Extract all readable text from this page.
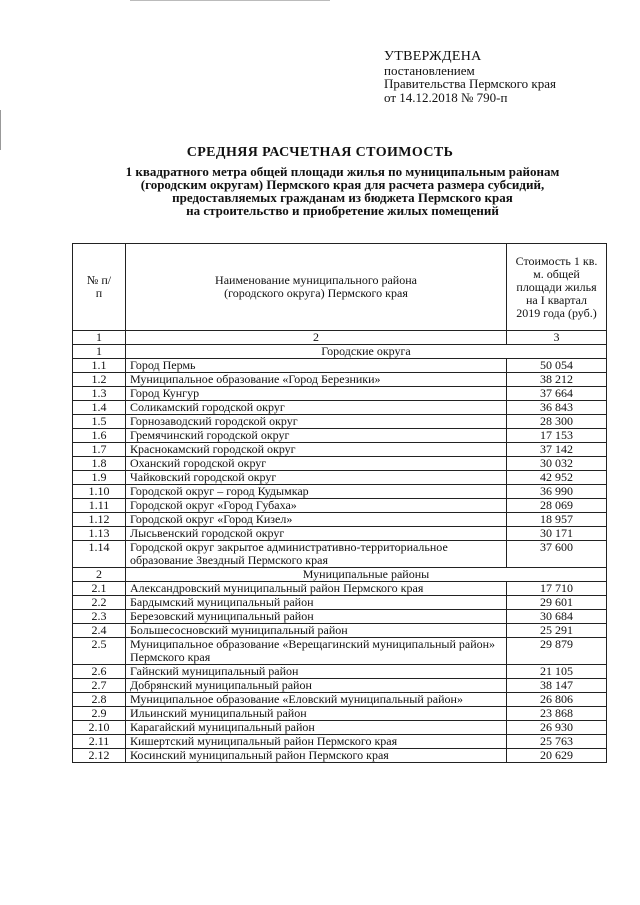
УТВЕРЖДЕНА
постановлением
Правительства Пермского края
от 14.12.2018 № 790-п
СРЕДНЯЯ РАСЧЕТНАЯ СТОИМОСТЬ
1 квадратного метра общей площади жилья по муниципальным районам
(городским округам) Пермского края для расчета размера субсидий,
предоставляемых гражданам из бюджета Пермского края
на строительство и приобретение жилых помещений
№ п/п	Наименование муниципального района (городского округа) Пермского края	Стоимость 1 кв. м. общей площади жилья на I квартал 2019 года (руб.)
1	2	3
1	Городские округа	
1.1	Город Пермь	50 054
1.2	Муниципальное образование «Город Березники»	38 212
1.3	Город Кунгур	37 664
1.4	Соликамский городской округ	36 843
1.5	Горнозаводский городской округ	28 300
1.6	Гремячинский городской округ	17 153
1.7	Краснокамский городской округ	37 142
1.8	Оханский городской округ	30 032
1.9	Чайковский городской округ	42 952
1.10	Городской округ – город Кудымкар	36 990
1.11	Городской округ «Город Губаха»	28 069
1.12	Городской округ «Город Кизел»	18 957
1.13	Лысьвенский городской округ	30 171
1.14	Городской округ закрытое административно-территориальное образование Звездный Пермского края	37 600
2	Муниципальные районы	
2.1	Александровский муниципальный район Пермского края	17 710
2.2	Бардымский муниципальный район	29 601
2.3	Березовский муниципальный район	30 684
2.4	Большесосновский муниципальный район	25 291
2.5	Муниципальное образование «Верещагинский муниципальный район» Пермского края	29 879
2.6	Гайнский муниципальный район	21 105
2.7	Добрянский муниципальный район	38 147
2.8	Муниципальное образование «Еловский муниципальный район»	26 806
2.9	Ильинский муниципальный район	23 868
2.10	Карагайский муниципальный район	26 930
2.11	Кишертский муниципальный район Пермского края	25 763
2.12	Косинский муниципальный район Пермского края	20 629
